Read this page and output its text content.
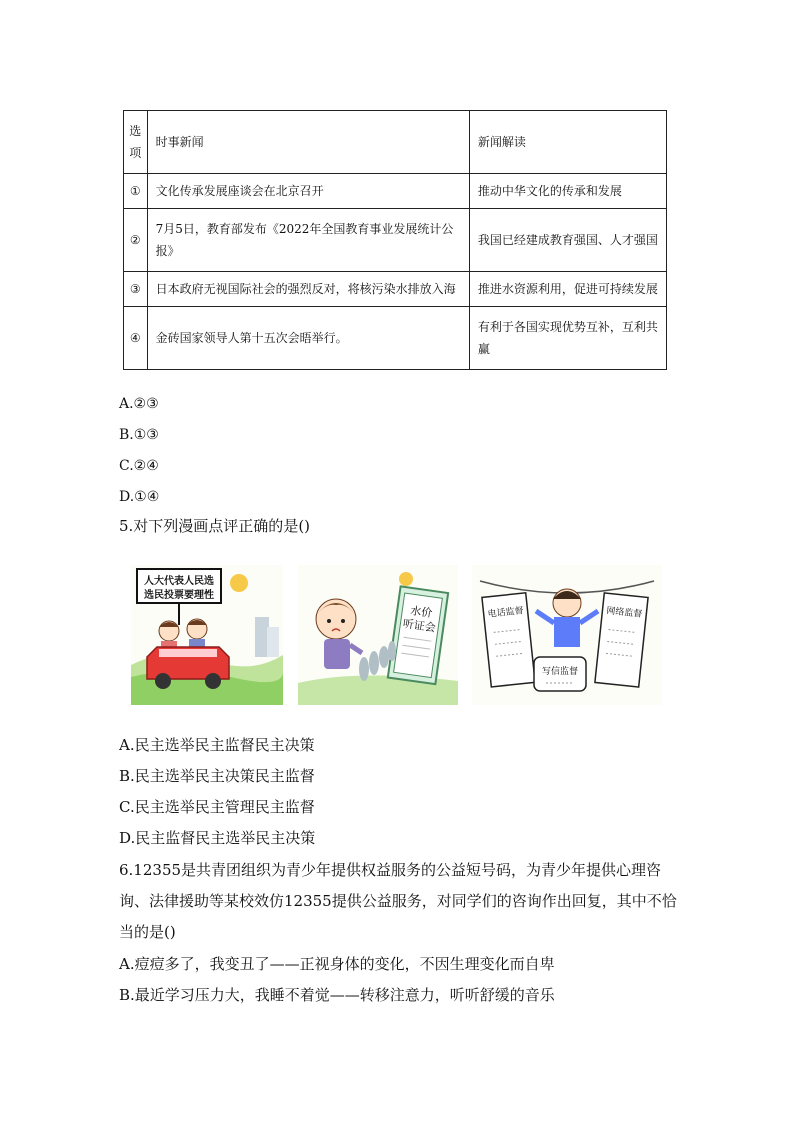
选
项	时事新闻	新闻解读
①	文化传承发展座谈会在北京召开	推动中华文化的传承和发展
②	7月5日，教育部发布《2022年全国教育事业发展统计公报》	我国已经建成教育强国、人才强国
③	日本政府无视国际社会的强烈反对，将核污染水排放入海	推进水资源利用，促进可持续发展
④	金砖国家领导人第十五次会晤举行。	有利于各国实现优势互补，互利共赢
A.②③
B.①③
C.②④
D.①④
5.对下列漫画点评正确的是()
人大代表人民选
选民投票要理性
水价
听证会
电话监督	网络监督
写信监督
A.民主选举民主监督民主决策
B.民主选举民主决策民主监督
C.民主选举民主管理民主监督
D.民主监督民主选举民主决策
6.12355是共青团组织为青少年提供权益服务的公益短号码，为青少年提供心理咨询、法律援助等某校效仿12355提供公益服务，对同学们的咨询作出回复，其中不恰当的是()
A.痘痘多了，我变丑了——正视身体的变化，不因生理变化而自卑
B.最近学习压力大，我睡不着觉——转移注意力，听听舒缓的音乐
